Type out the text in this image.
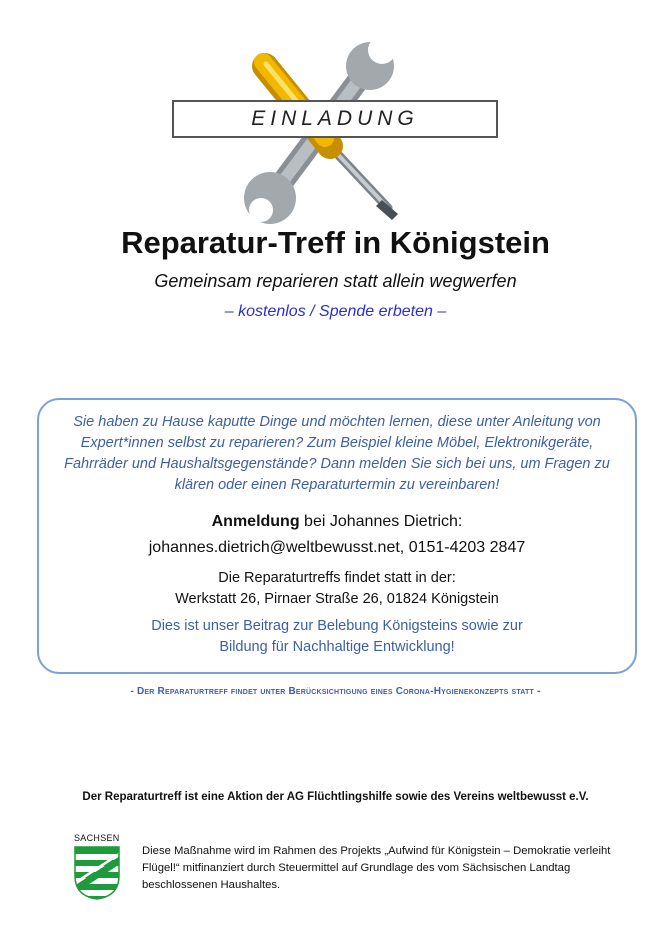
EINLADUNG
Reparatur-Treff in Königstein
Gemeinsam reparieren statt allein wegwerfen
– kostenlos / Spende erbeten –
Sie haben zu Hause kaputte Dinge und möchten lernen, diese unter Anleitung von Expert*innen selbst zu reparieren? Zum Beispiel kleine Möbel, Elektronikgeräte, Fahrräder und Haushaltsgegenstände? Dann melden Sie sich bei uns, um Fragen zu klären oder einen Reparaturtermin zu vereinbaren!
Anmeldung bei Johannes Dietrich:
johannes.dietrich@weltbewusst.net, 0151-4203 2847
Die Reparaturtreffs findet statt in der:
Werkstatt 26, Pirnaer Straße 26, 01824 Königstein
Dies ist unser Beitrag zur Belebung Königsteins sowie zur
Bildung für Nachhaltige Entwicklung!
- Der Reparaturtreff findet unter Berücksichtigung eines Corona-Hygienekonzepts statt -
Der Reparaturtreff ist eine Aktion der AG Flüchtlingshilfe sowie des Vereins weltbewusst e.V.
SACHSEN
Diese Maßnahme wird im Rahmen des Projekts „Aufwind für Königstein – Demokratie verleiht Flügel!“ mitfinanziert durch Steuermittel auf Grundlage des vom Sächsischen Landtag beschlossenen Haushaltes.
